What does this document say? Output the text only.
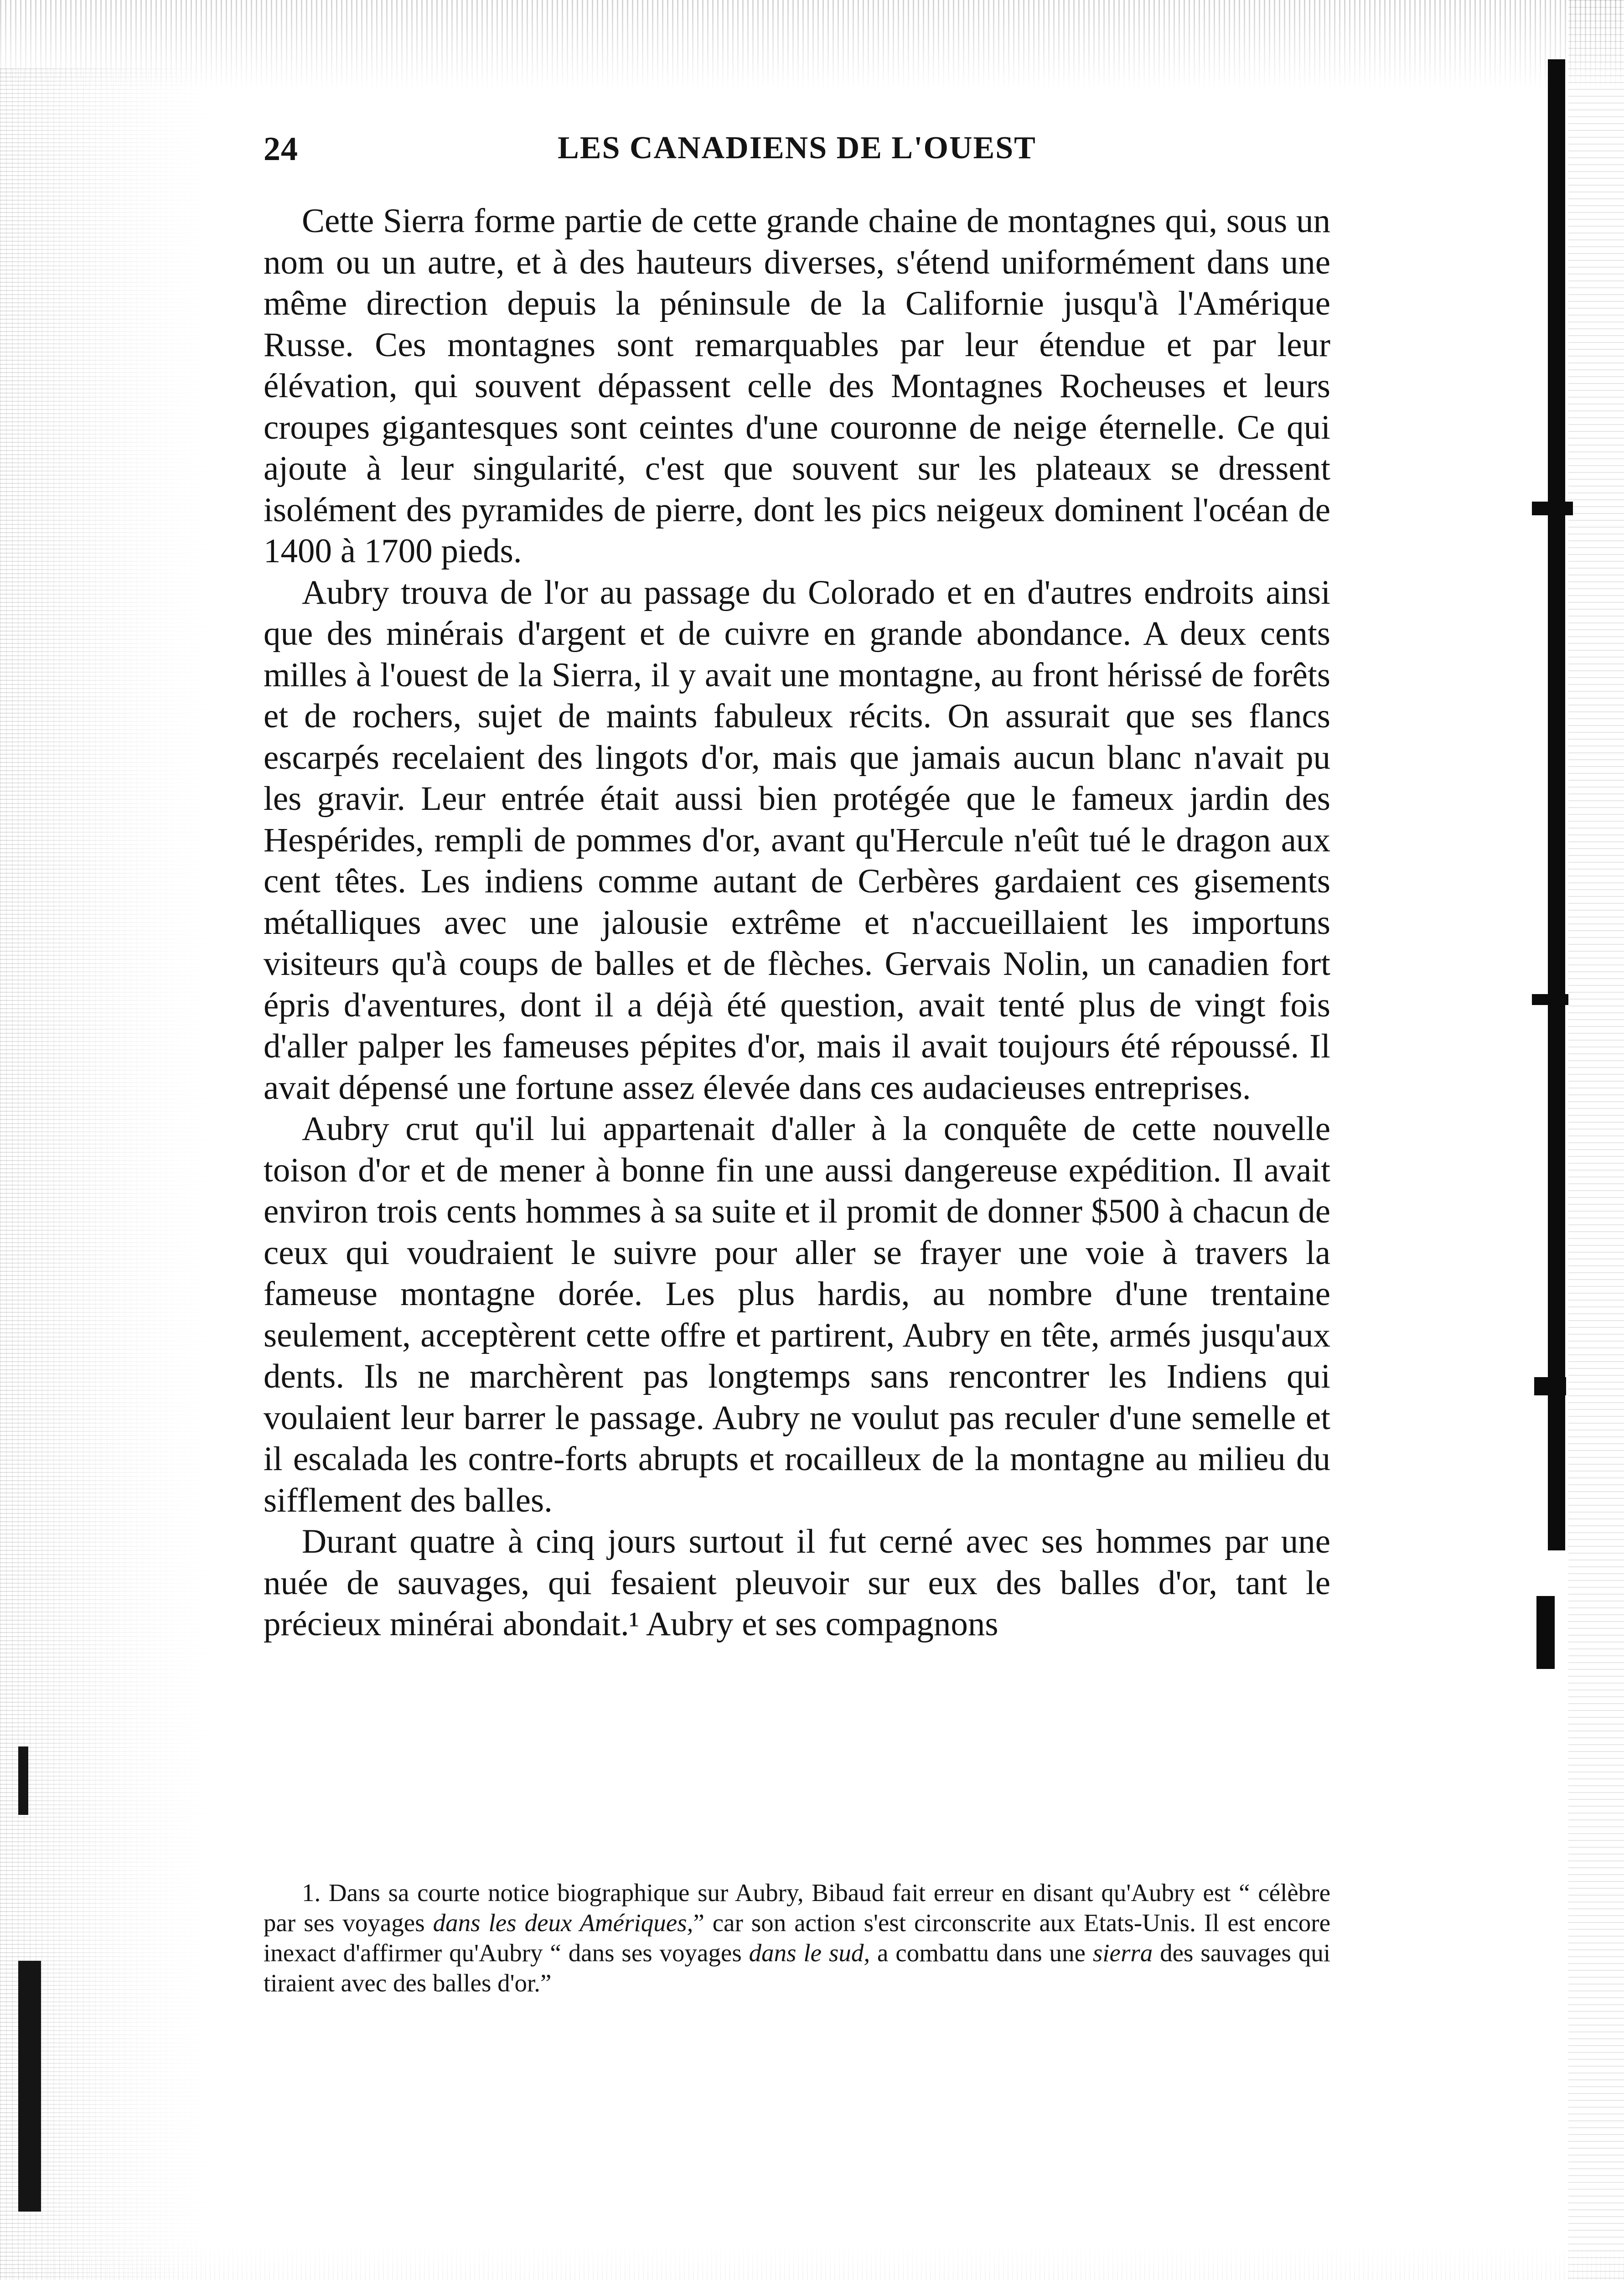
24	LES CANADIENS DE L'OUEST

Cette Sierra forme partie de cette grande chaine de montagnes qui, sous un nom ou un autre, et à des hauteurs diverses, s'étend uniformément dans une même direction depuis la péninsule de la Californie jusqu'à l'Amérique Russe. Ces montagnes sont remarquables par leur étendue et par leur élévation, qui souvent dépassent celle des Montagnes Rocheuses et leurs croupes gigantesques sont ceintes d'une couronne de neige éternelle. Ce qui ajoute à leur singularité, c'est que souvent sur les plateaux se dressent isolément des pyramides de pierre, dont les pics neigeux dominent l'océan de 1400 à 1700 pieds.

Aubry trouva de l'or au passage du Colorado et en d'autres endroits ainsi que des minérais d'argent et de cuivre en grande abondance. A deux cents milles à l'ouest de la Sierra, il y avait une montagne, au front hérissé de forêts et de rochers, sujet de maints fabuleux récits. On assurait que ses flancs escarpés recelaient des lingots d'or, mais que jamais aucun blanc n'avait pu les gravir. Leur entrée était aussi bien protégée que le fameux jardin des Hespérides, rempli de pommes d'or, avant qu'Hercule n'eût tué le dragon aux cent têtes. Les indiens comme autant de Cerbères gardaient ces gisements métalliques avec une jalousie extrême et n'accueillaient les importuns visiteurs qu'à coups de balles et de flèches. Gervais Nolin, un canadien fort épris d'aventures, dont il a déjà été question, avait tenté plus de vingt fois d'aller palper les fameuses pépites d'or, mais il avait toujours été répoussé. Il avait dépensé une fortune assez élevée dans ces audacieuses entreprises.

Aubry crut qu'il lui appartenait d'aller à la conquête de cette nouvelle toison d'or et de mener à bonne fin une aussi dangereuse expédition. Il avait environ trois cents hommes à sa suite et il promit de donner $500 à chacun de ceux qui voudraient le suivre pour aller se frayer une voie à travers la fameuse montagne dorée. Les plus hardis, au nombre d'une trentaine seulement, acceptèrent cette offre et partirent, Aubry en tête, armés jusqu'aux dents. Ils ne marchèrent pas longtemps sans rencontrer les Indiens qui voulaient leur barrer le passage. Aubry ne voulut pas reculer d'une semelle et il escalada les contre-forts abrupts et rocailleux de la montagne au milieu du sifflement des balles.

Durant quatre à cinq jours surtout il fut cerné avec ses hommes par une nuée de sauvages, qui fesaient pleuvoir sur eux des balles d'or, tant le précieux minérai abondait.¹ Aubry et ses compagnons

1. Dans sa courte notice biographique sur Aubry, Bibaud fait erreur en disant qu'Aubry est “ célèbre par ses voyages dans les deux Amériques,” car son action s'est circonscrite aux Etats-Unis. Il est encore inexact d'affirmer qu'Aubry “ dans ses voyages dans le sud, a combattu dans une sierra des sauvages qui tiraient avec des balles d'or.”
